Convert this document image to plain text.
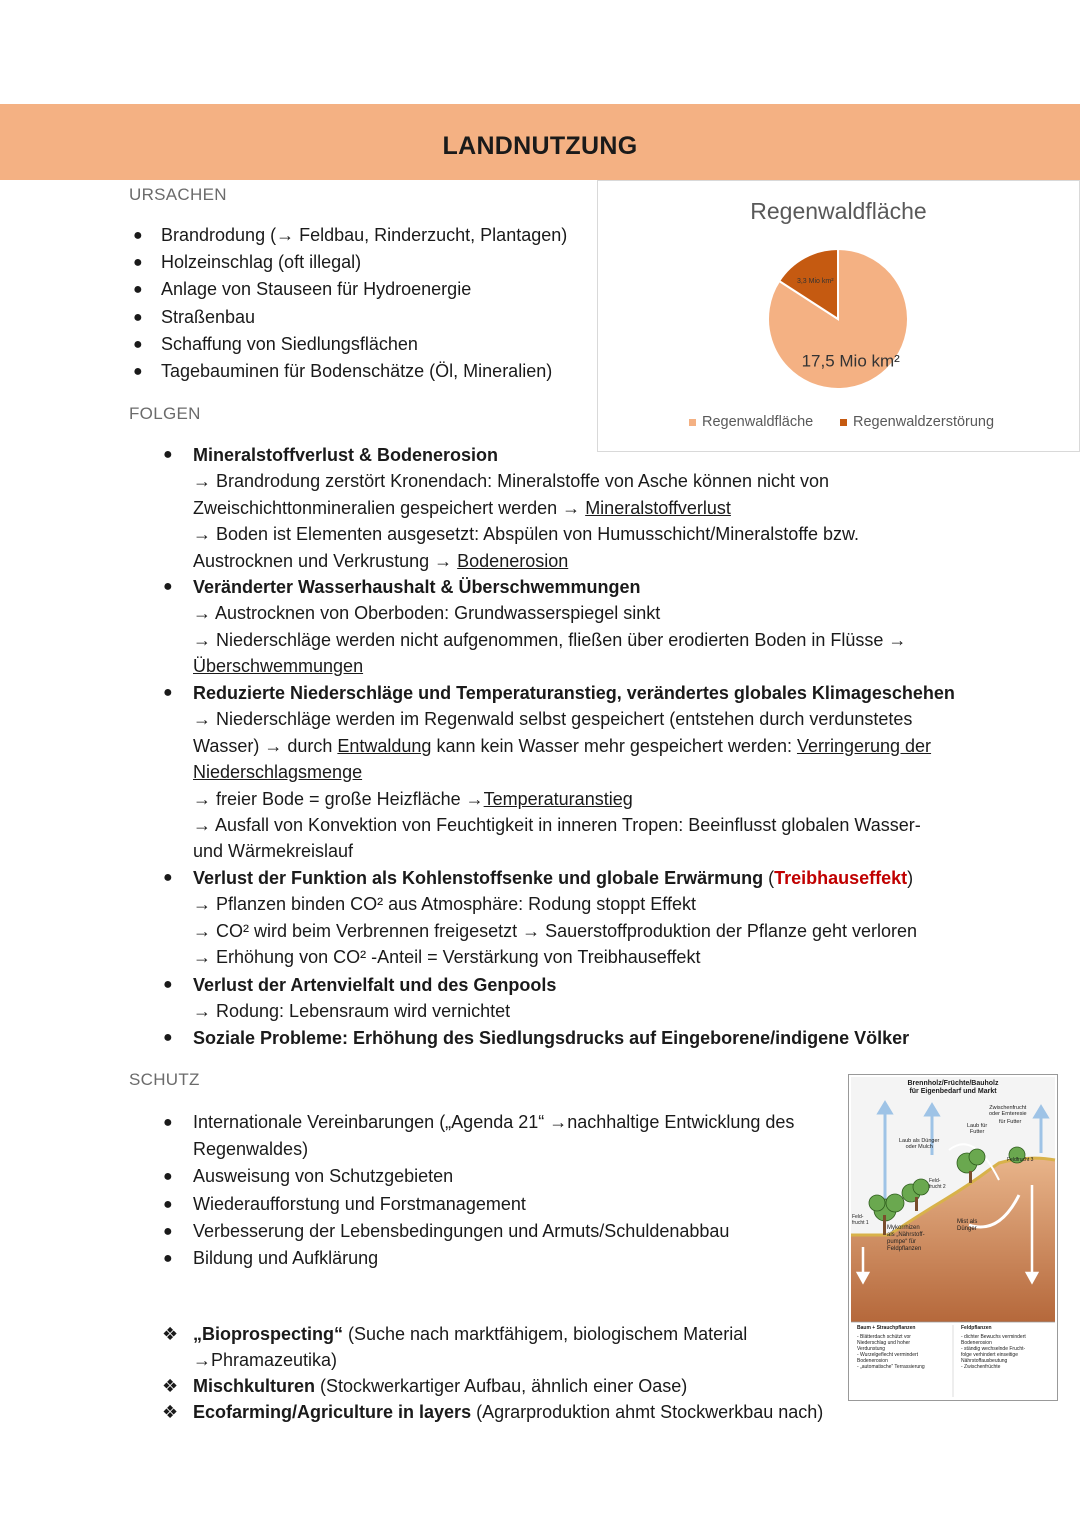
LANDNUTZUNG
URSACHEN
● Brandrodung (→ Feldbau, Rinderzucht, Plantagen)
● Holzeinschlag (oft illegal)
● Anlage von Stauseen für Hydroenergie
● Straßenbau
● Schaffung von Siedlungsflächen
● Tagebauminen für Bodenschätze (Öl, Mineralien)
Regenwaldfläche
17,5 Mio km²
3,3 Mio km²
Regenwaldfläche	Regenwaldzerstörung
FOLGEN
● Mineralstoffverlust & Bodenerosion
→ Brandrodung zerstört Kronendach: Mineralstoffe von Asche können nicht von
Zweischichttonmineralien gespeichert werden → Mineralstoffverlust
→ Boden ist Elementen ausgesetzt: Abspülen von Humusschicht/Mineralstoffe bzw.
Austrocknen und Verkrustung → Bodenerosion
● Veränderter Wasserhaushalt & Überschwemmungen
→ Austrocknen von Oberboden: Grundwasserspiegel sinkt
→ Niederschläge werden nicht aufgenommen, fließen über erodierten Boden in Flüsse →
Überschwemmungen
● Reduzierte Niederschläge und Temperaturanstieg, verändertes globales Klimageschehen
→ Niederschläge werden im Regenwald selbst gespeichert (entstehen durch verdunstetes
Wasser) → durch Entwaldung kann kein Wasser mehr gespeichert werden: Verringerung der
Niederschlagsmenge
→ freier Bode = große Heizfläche →Temperaturanstieg
→ Ausfall von Konvektion von Feuchtigkeit in inneren Tropen: Beeinflusst globalen Wasser-
und Wärmekreislauf
● Verlust der Funktion als Kohlenstoffsenke und globale Erwärmung (Treibhauseffekt)
→ Pflanzen binden CO² aus Atmosphäre: Rodung stoppt Effekt
→ CO² wird beim Verbrennen freigesetzt → Sauerstoffproduktion der Pflanze geht verloren
→ Erhöhung von CO² -Anteil = Verstärkung von Treibhauseffekt
● Verlust der Artenvielfalt und des Genpools
→ Rodung: Lebensraum wird vernichtet
● Soziale Probleme: Erhöhung des Siedlungsdrucks auf Eingeborene/indigene Völker
SCHUTZ
● Internationale Vereinbarungen („Agenda 21“ →nachhaltige Entwicklung des
Regenwaldes)
● Ausweisung von Schutzgebieten
● Wiederaufforstung und Forstmanagement
● Verbesserung der Lebensbedingungen und Armuts/Schuldenabbau
● Bildung und Aufklärung
❖ „Bioprospecting“ (Suche nach marktfähigem, biologischem Material
→Phramazeutika)
❖ Mischkulturen (Stockwerkartiger Aufbau, ähnlich einer Oase)
❖ Ecofarming/Agriculture in layers (Agrarproduktion ahmt Stockwerkbau nach)
Brennholz/Früchte/Bauholz
für Eigenbedarf und Markt
Zwischenfrucht
oder Ernteresie
Laub für
Futter
für Futter
Laub als Dünger
oder Mulch
Feldfrucht 3
Feld-
frucht 2
Feld-
frucht 1
Mykorrhizen
als „Nährstoff-
pumpe“ für
Feldpflanzen
Mist als
Dünger
Baum + Strauchpflanzen
- Blätterdach schützt vor
Niederschlag und hoher
Verdunstung
- Wurzelgeflecht vermindert
Bodenerosion
- „automatische“ Terrassierung
Feldpflanzen
- dichter Bewuchs vermindert
Bodenerosion
- ständig wechselnde Frucht-
folge verhindert einseitige
Nährstoffausbeutung
- Zwischenfrüchte
